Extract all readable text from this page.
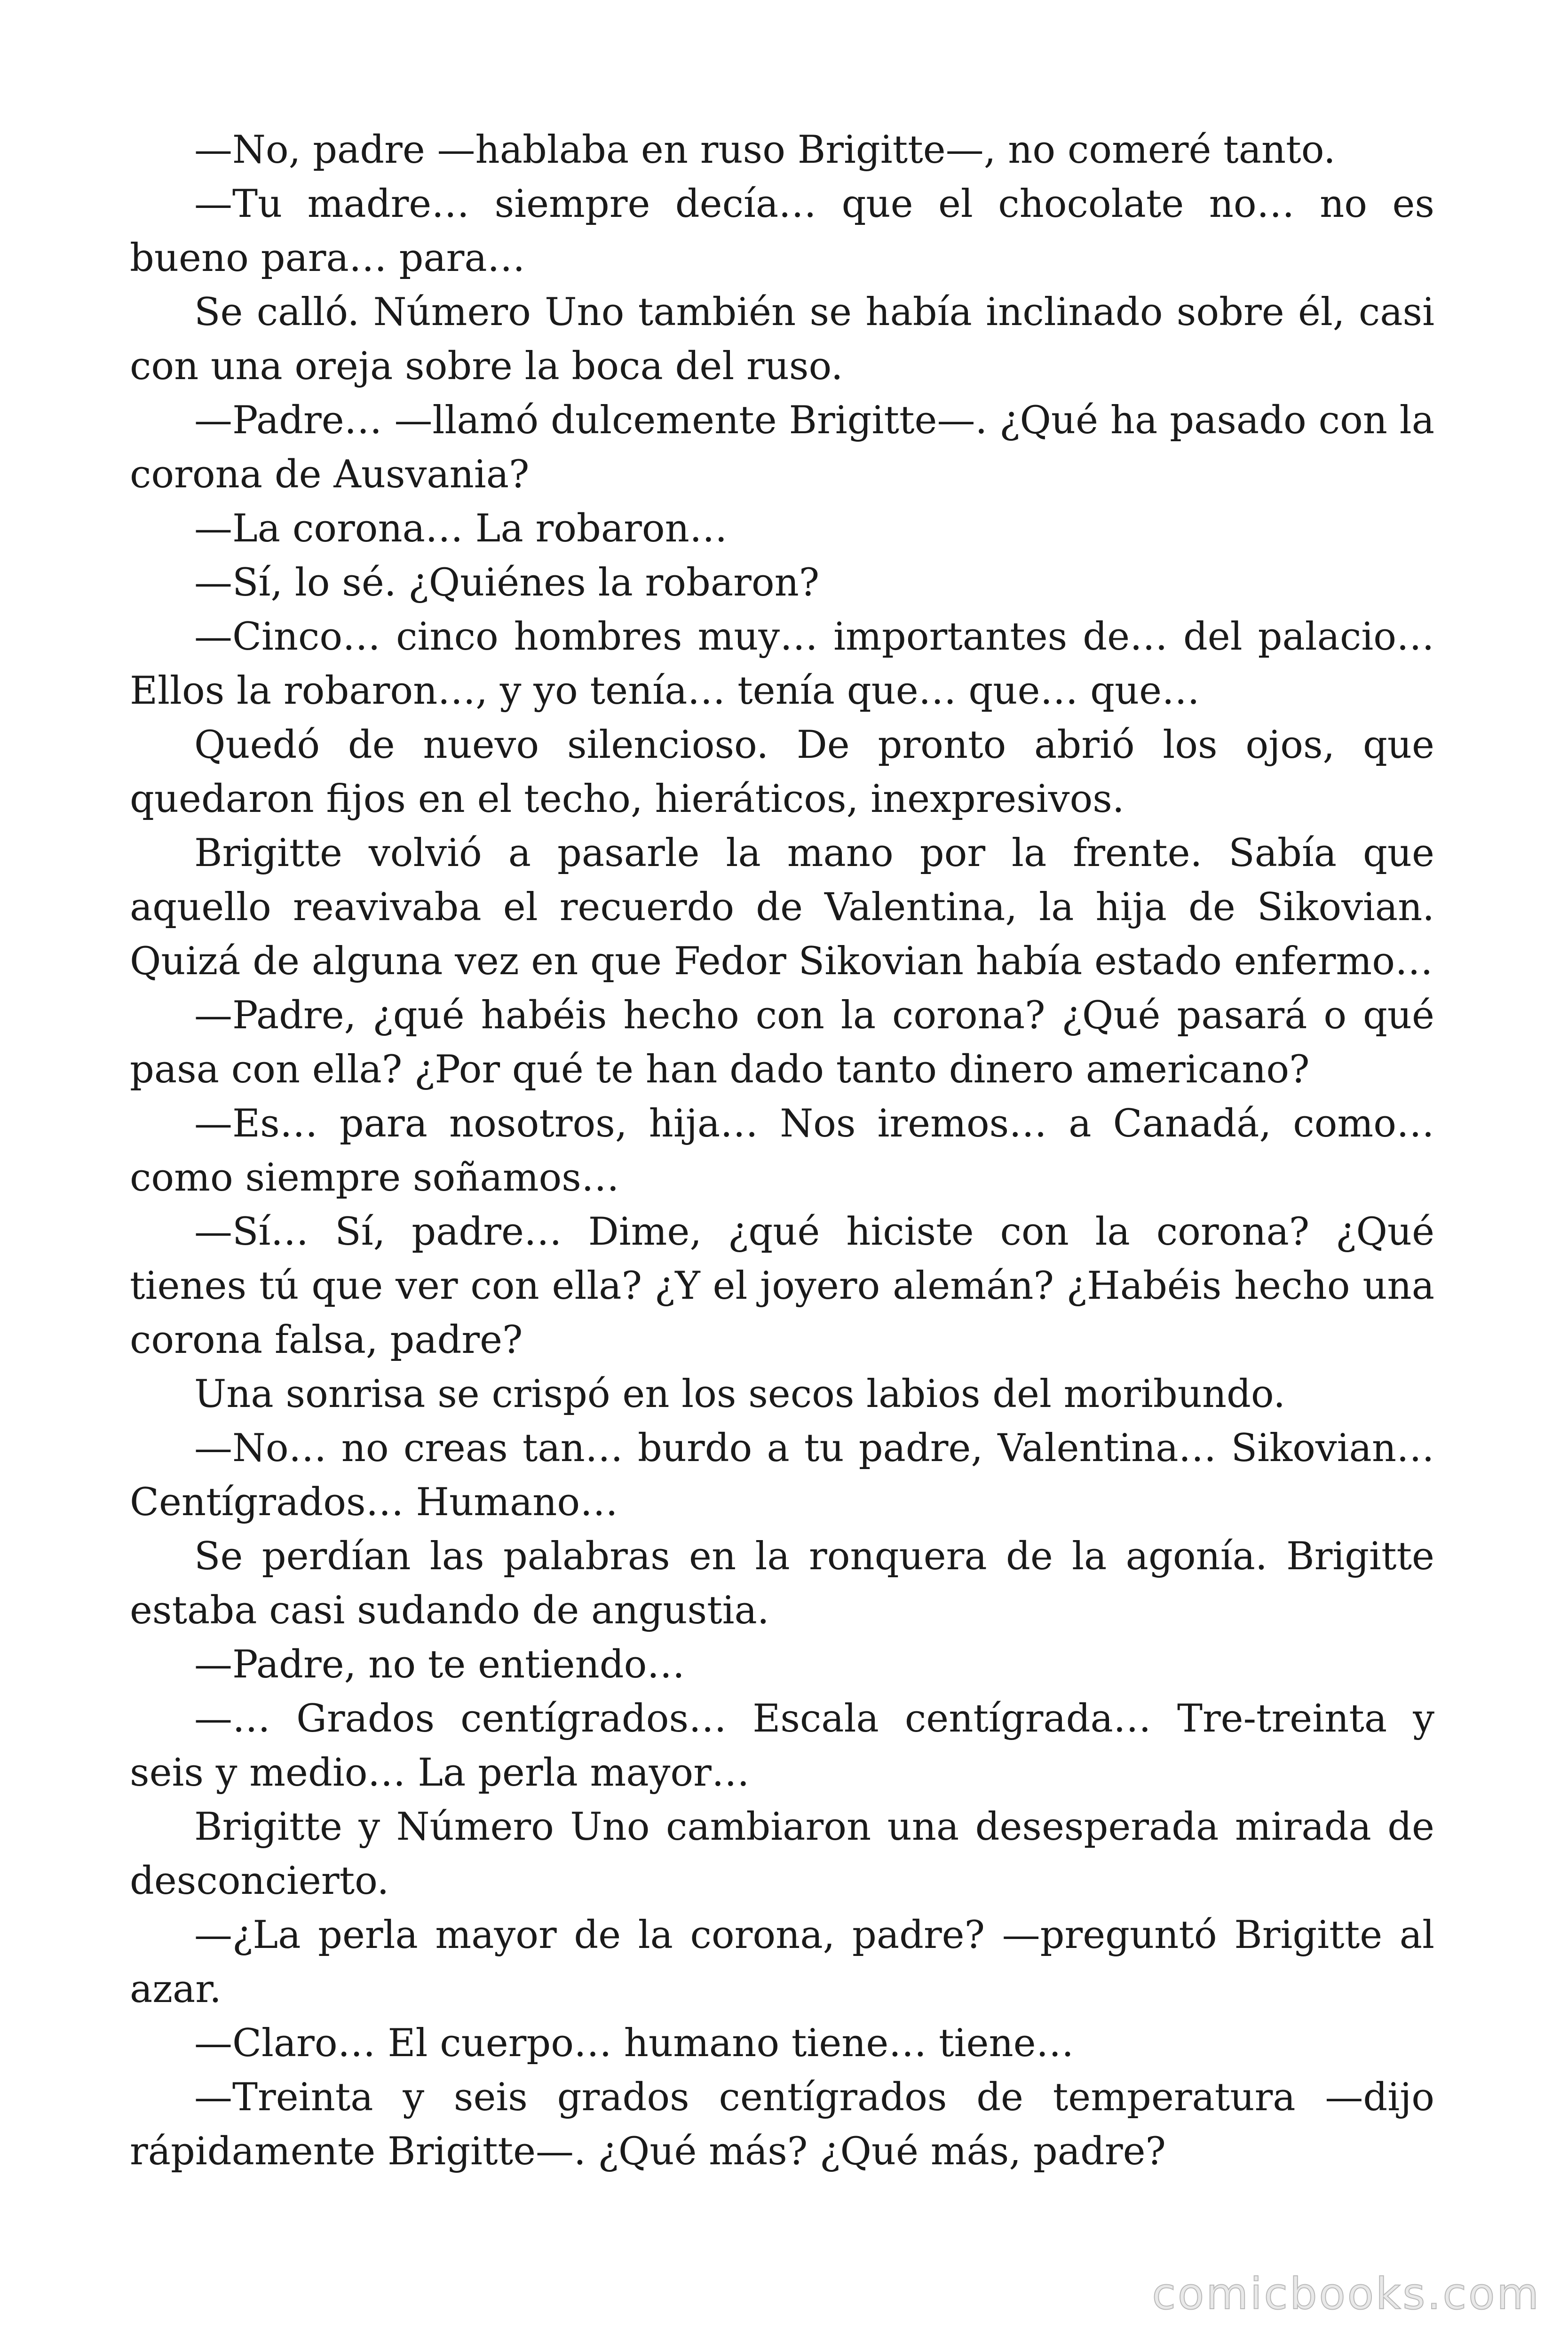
—No, padre —hablaba en ruso Brigitte—, no comeré tanto.

—Tu madre… siempre decía… que el chocolate no… no es bueno para… para…

Se calló. Número Uno también se había inclinado sobre él, casi con una oreja sobre la boca del ruso.

—Padre… —llamó dulcemente Brigitte—. ¿Qué ha pasado con la corona de Ausvania?

—La corona… La robaron…

—Sí, lo sé. ¿Quiénes la robaron?

—Cinco… cinco hombres muy… importantes de… del palacio… Ellos la robaron…, y yo tenía… tenía que… que… que…

Quedó de nuevo silencioso. De pronto abrió los ojos, que quedaron fijos en el techo, hieráticos, inexpresivos.

Brigitte volvió a pasarle la mano por la frente. Sabía que aquello reavivaba el recuerdo de Valentina, la hija de Sikovian. Quizá de alguna vez en que Fedor Sikovian había estado enfermo…

—Padre, ¿qué habéis hecho con la corona? ¿Qué pasará o qué pasa con ella? ¿Por qué te han dado tanto dinero americano?

—Es… para nosotros, hija… Nos iremos… a Canadá, como… como siempre soñamos…

—Sí… Sí, padre… Dime, ¿qué hiciste con la corona? ¿Qué tienes tú que ver con ella? ¿Y el joyero alemán? ¿Habéis hecho una corona falsa, padre?

Una sonrisa se crispó en los secos labios del moribundo.

—No… no creas tan… burdo a tu padre, Valentina… Sikovian… Centígrados… Humano…

Se perdían las palabras en la ronquera de la agonía. Brigitte estaba casi sudando de angustia.

—Padre, no te entiendo…

—… Grados centígrados… Escala centígrada… Tre-treinta y seis y medio… La perla mayor…

Brigitte y Número Uno cambiaron una desesperada mirada de desconcierto.

—¿La perla mayor de la corona, padre? —preguntó Brigitte al azar.

—Claro… El cuerpo… humano tiene… tiene…

—Treinta y seis grados centígrados de temperatura —dijo rápidamente Brigitte—. ¿Qué más? ¿Qué más, padre?

comicbooks.com
